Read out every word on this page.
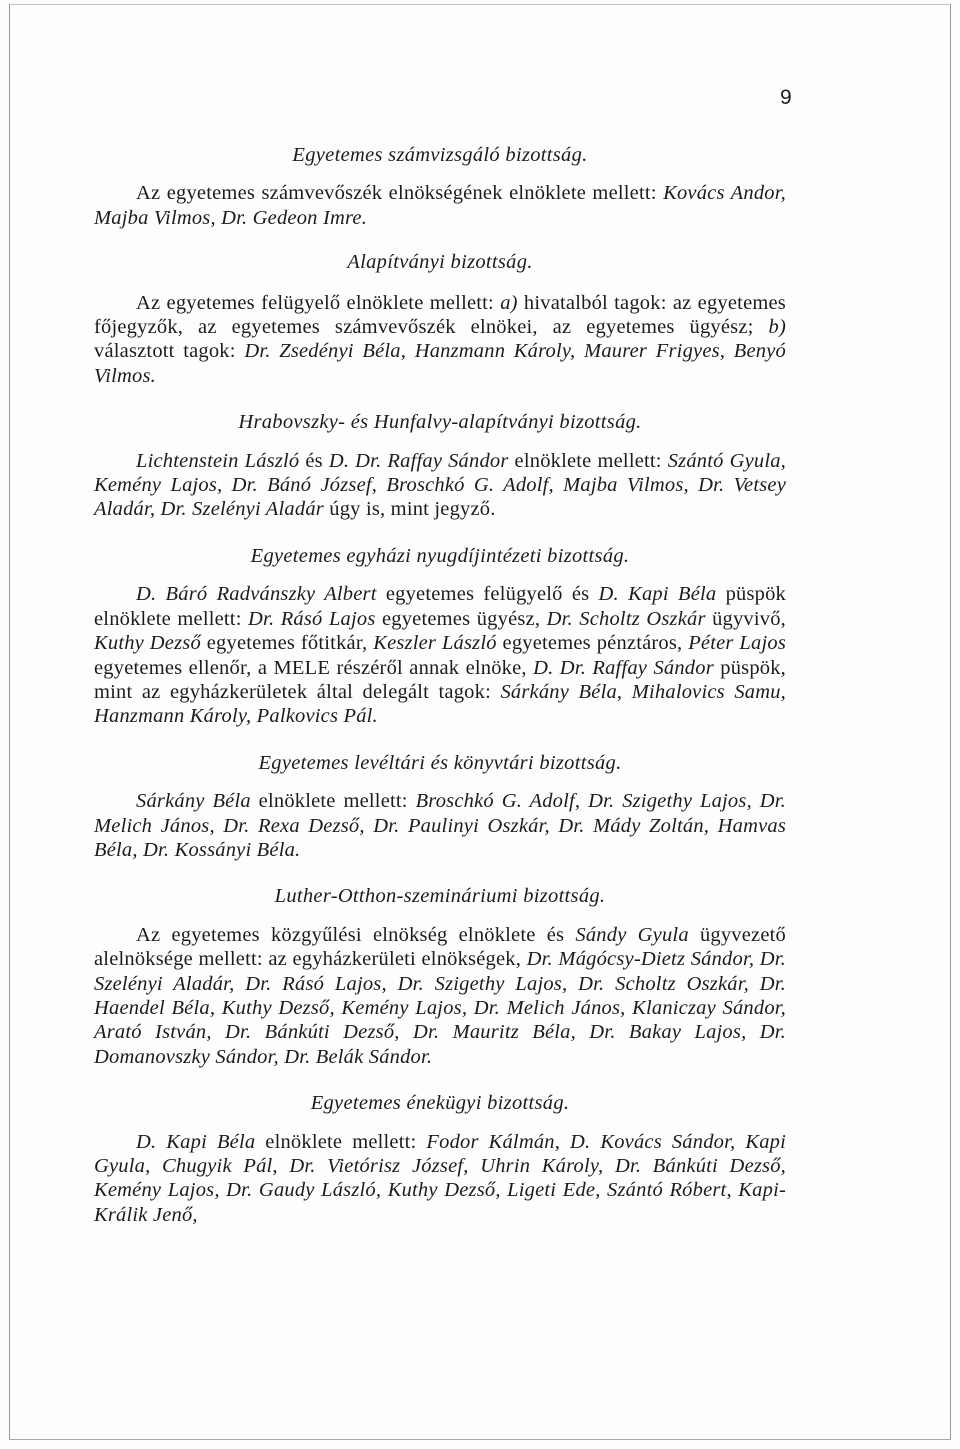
9

Egyetemes számvizsgáló bizottság.

Az egyetemes számvevőszék elnökségének elnöklete mellett: Kovács Andor, Majba Vilmos, Dr. Gedeon Imre.

Alapítványi bizottság.

Az egyetemes felügyelő elnöklete mellett: a) hivatalból tagok: az egyetemes főjegyzők, az egyetemes számvevőszék elnökei, az egyetemes ügyész; b) választott tagok: Dr. Zsedényi Béla, Hanzmann Károly, Maurer Frigyes, Benyó Vilmos.

Hrabovszky- és Hunfalvy-alapítványi bizottság.

Lichtenstein László és D. Dr. Raffay Sándor elnöklete mellett: Szántó Gyula, Kemény Lajos, Dr. Bánó József, Broschkó G. Adolf, Majba Vilmos, Dr. Vetsey Aladár, Dr. Szelényi Aladár úgy is, mint jegyző.

Egyetemes egyházi nyugdíjintézeti bizottság.

D. Báró Radvánszky Albert egyetemes felügyelő és D. Kapi Béla püspök elnöklete mellett: Dr. Rásó Lajos egyetemes ügyész, Dr. Scholtz Oszkár ügyvivő, Kuthy Dezső egyetemes főtitkár, Keszler László egyetemes pénztáros, Péter Lajos egyetemes ellenőr, a MELE részéről annak elnöke, D. Dr. Raffay Sándor püspök, mint az egyházkerületek által delegált tagok: Sárkány Béla, Mihalovics Samu, Hanzmann Károly, Palkovics Pál.

Egyetemes levéltári és könyvtári bizottság.

Sárkány Béla elnöklete mellett: Broschkó G. Adolf, Dr. Szigethy Lajos, Dr. Melich János, Dr. Rexa Dezső, Dr. Paulinyi Oszkár, Dr. Mády Zoltán, Hamvas Béla, Dr. Kossányi Béla.

Luther-Otthon-szemináriumi bizottság.

Az egyetemes közgyűlési elnökség elnöklete és Sándy Gyula ügyvezető alelnöksége mellett: az egyházkerületi elnökségek, Dr. Mágócsy-Dietz Sándor, Dr. Szelényi Aladár, Dr. Rásó Lajos, Dr. Szigethy Lajos, Dr. Scholtz Oszkár, Dr. Haendel Béla, Kuthy Dezső, Kemény Lajos, Dr. Melich János, Klaniczay Sándor, Arató István, Dr. Bánkúti Dezső, Dr. Mauritz Béla, Dr. Bakay Lajos, Dr. Domanovszky Sándor, Dr. Belák Sándor.

Egyetemes énekügyi bizottság.

D. Kapi Béla elnöklete mellett: Fodor Kálmán, D. Kovács Sándor, Kapi Gyula, Chugyik Pál, Dr. Vietórisz József, Uhrin Károly, Dr. Bánkúti Dezső, Kemény Lajos, Dr. Gaudy László, Kuthy Dezső, Ligeti Ede, Szántó Róbert, Kapi-Králik Jenő,
